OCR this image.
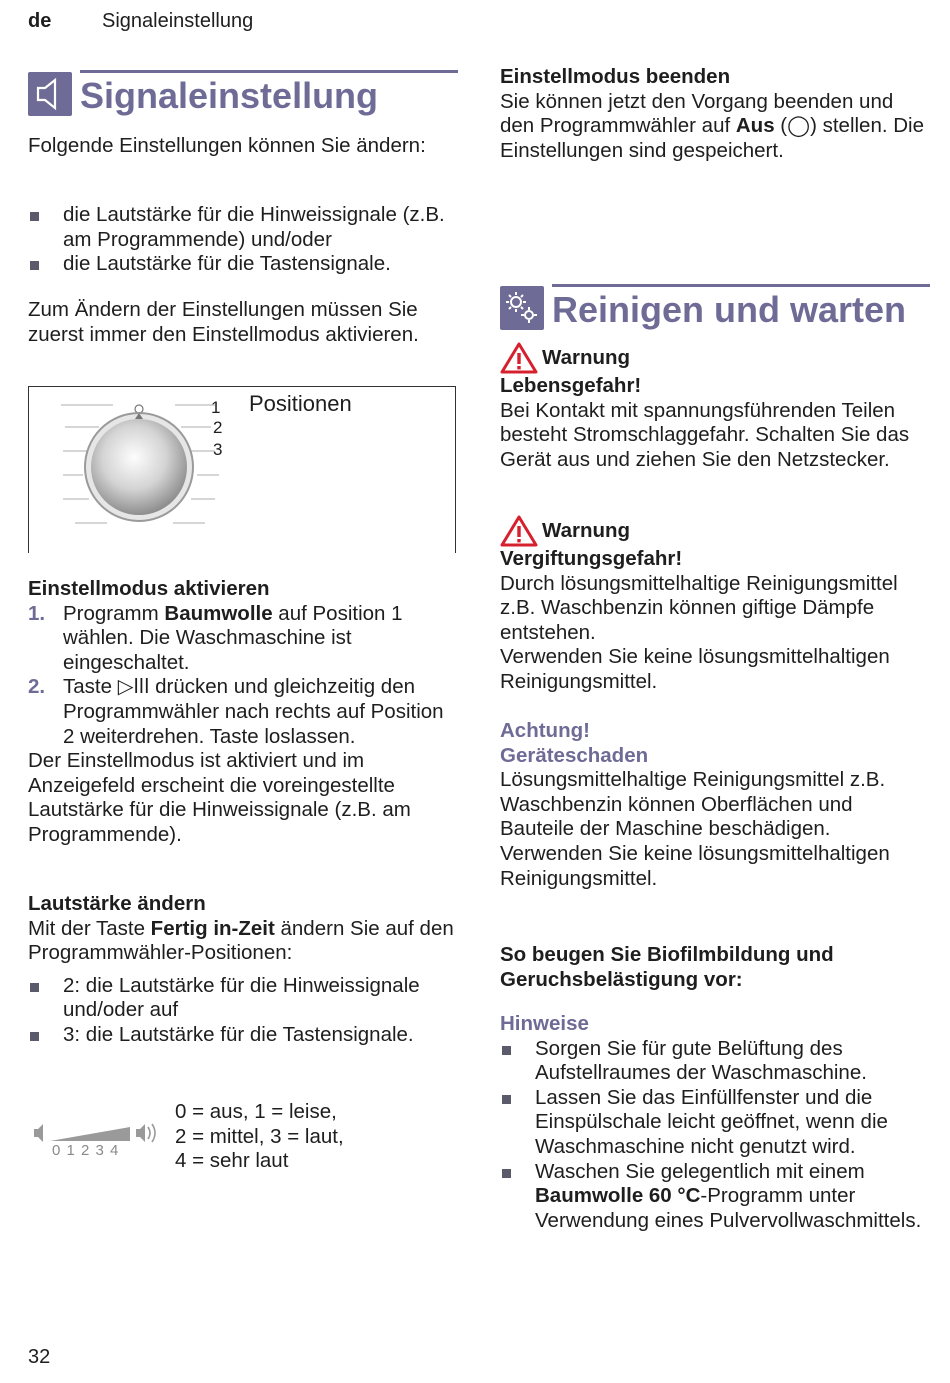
de	Signaleinstellung
Signaleinstellung

Folgende Einstellungen können Sie ändern:

die Lautstärke für die Hinweissignale (z.B. am Programmende) und/oder
die Lautstärke für die Tastensignale.

Zum Ändern der Einstellungen müssen Sie zuerst immer den Einstellmodus aktivieren.

1
2
3
Positionen
Einstellmodus aktivieren
1. Programm Baumwolle auf Position 1 wählen. Die Waschmaschine ist eingeschaltet.
2. Taste ▷ǀǀǀ drücken und gleichzeitig den Programmwähler nach rechts auf Position 2 weiterdrehen. Taste loslassen.

Der Einstellmodus ist aktiviert und im Anzeigefeld erscheint die voreingestellte Lautstärke für die Hinweissignale (z.B. am Programmende).

Lautstärke ändern

Mit der Taste Fertig in-Zeit ändern Sie auf den Programmwähler-Positionen:

2: die Lautstärke für die Hinweissignale und/oder auf
3: die Lautstärke für die Tastensignale.
0 1 2 3 4
0 = aus, 1 = leise,
2 = mittel, 3 = laut,
4 = sehr laut
32
Einstellmodus beenden

Sie können jetzt den Vorgang beenden und den Programmwähler auf Aus (◯) stellen. Die Einstellungen sind gespeichert.

Reinigen und warten
Warnung
Lebensgefahr!

Bei Kontakt mit spannungsführenden Teilen besteht Stromschlaggefahr. Schalten Sie das Gerät aus und ziehen Sie den Netzstecker.

Warnung
Vergiftungsgefahr!

Durch lösungsmittelhaltige Reinigungsmittel z.B. Waschbenzin können giftige Dämpfe entstehen.

Verwenden Sie keine lösungsmittelhaltigen Reinigungsmittel.

Achtung!
Geräteschaden

Lösungsmittelhaltige Reinigungsmittel z.B. Waschbenzin können Oberflächen und Bauteile der Maschine beschädigen.

Verwenden Sie keine lösungsmittelhaltigen Reinigungsmittel.

So beugen Sie Biofilmbildung und Geruchsbelästigung vor:
Hinweise
Sorgen Sie für gute Belüftung des Aufstellraumes der Waschmaschine.
Lassen Sie das Einfüllfenster und die Einspülschale leicht geöffnet, wenn die Waschmaschine nicht genutzt wird.
Waschen Sie gelegentlich mit einem Baumwolle 60 °C-Programm unter Verwendung eines Pulvervollwaschmittels.
